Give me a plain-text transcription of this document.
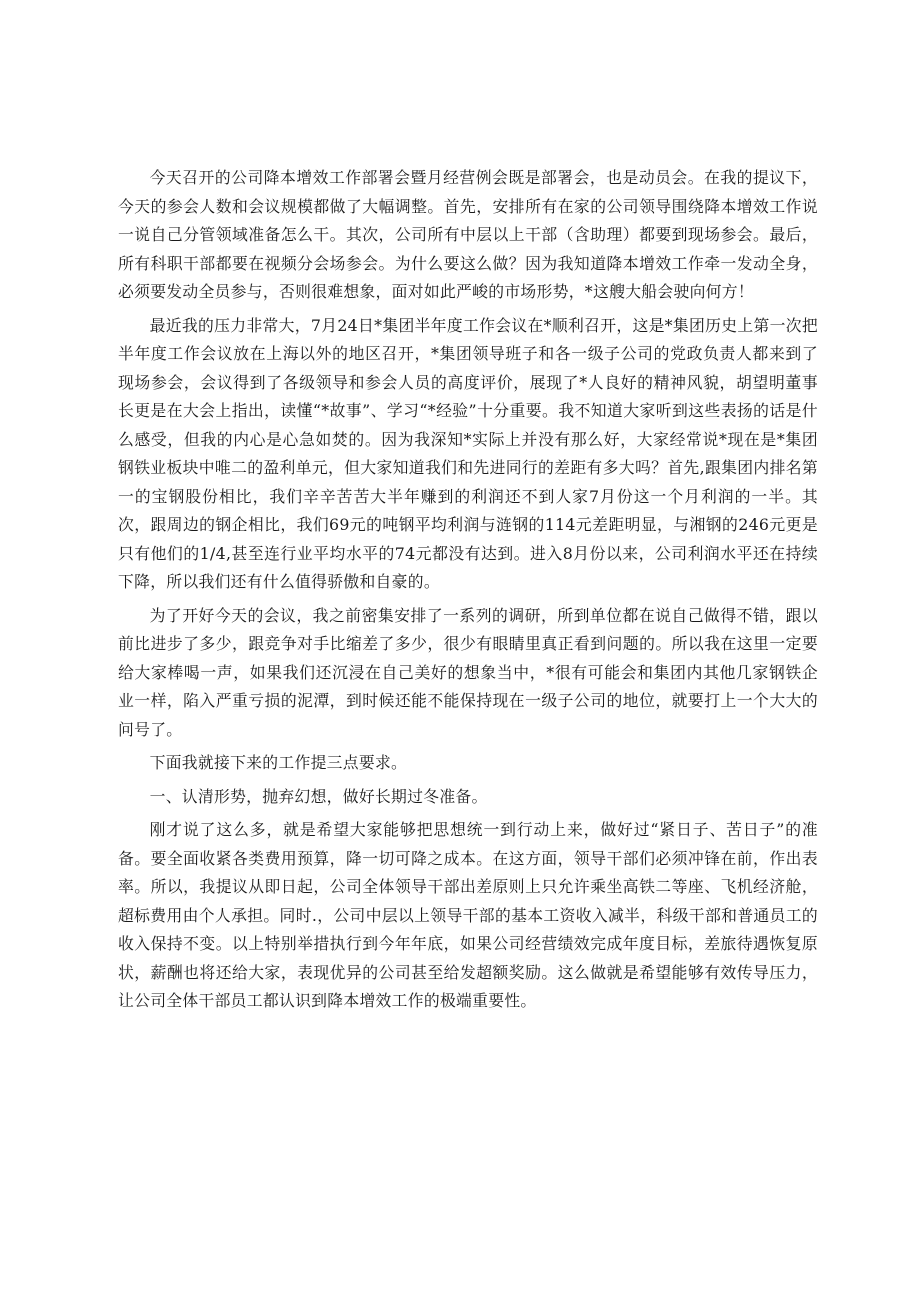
今天召开的公司降本增效工作部署会暨月经营例会既是部署会，也是动员会。在我的提议下，今天的参会人数和会议规模都做了大幅调整。首先，安排所有在家的公司领导围绕降本增效工作说一说自己分管领域准备怎么干。其次，公司所有中层以上干部（含助理）都要到现场参会。最后，所有科职干部都要在视频分会场参会。为什么要这么做？因为我知道降本增效工作牵一发动全身，必须要发动全员参与，否则很难想象，面对如此严峻的市场形势，*这艘大船会驶向何方！

最近我的压力非常大，7月24日*集团半年度工作会议在*顺利召开，这是*集团历史上第一次把半年度工作会议放在上海以外的地区召开，*集团领导班子和各一级子公司的党政负责人都来到了现场参会，会议得到了各级领导和参会人员的高度评价，展现了*人良好的精神风貌，胡望明董事长更是在大会上指出，读懂“*故事”、学习“*经验”十分重要。我不知道大家听到这些表扬的话是什么感受，但我的内心是心急如焚的。因为我深知*实际上并没有那么好，大家经常说*现在是*集团钢铁业板块中唯二的盈利单元，但大家知道我们和先进同行的差距有多大吗？首先,跟集团内排名第一的宝钢股份相比，我们辛辛苦苦大半年赚到的利润还不到人家7月份这一个月利润的一半。其次，跟周边的钢企相比，我们69元的吨钢平均利润与涟钢的114元差距明显，与湘钢的246元更是只有他们的1/4,甚至连行业平均水平的74元都没有达到。进入8月份以来，公司利润水平还在持续下降，所以我们还有什么值得骄傲和自豪的。

为了开好今天的会议，我之前密集安排了一系列的调研，所到单位都在说自己做得不错，跟以前比进步了多少，跟竞争对手比缩差了多少，很少有眼睛里真正看到问题的。所以我在这里一定要给大家棒喝一声，如果我们还沉浸在自己美好的想象当中，*很有可能会和集团内其他几家钢铁企业一样，陷入严重亏损的泥潭，到时候还能不能保持现在一级子公司的地位，就要打上一个大大的问号了。

下面我就接下来的工作提三点要求。

一、认清形势，抛弃幻想，做好长期过冬准备。

刚才说了这么多，就是希望大家能够把思想统一到行动上来，做好过“紧日子、苦日子”的准备。要全面收紧各类费用预算，降一切可降之成本。在这方面，领导干部们必须冲锋在前，作出表率。所以，我提议从即日起，公司全体领导干部出差原则上只允许乘坐高铁二等座、飞机经济舱，超标费用由个人承担。同时.，公司中层以上领导干部的基本工资收入减半，科级干部和普通员工的收入保持不变。以上特别举措执行到今年年底，如果公司经营绩效完成年度目标，差旅待遇恢复原状，薪酬也将还给大家，表现优异的公司甚至给发超额奖励。这么做就是希望能够有效传导压力，让公司全体干部员工都认识到降本增效工作的极端重要性。
